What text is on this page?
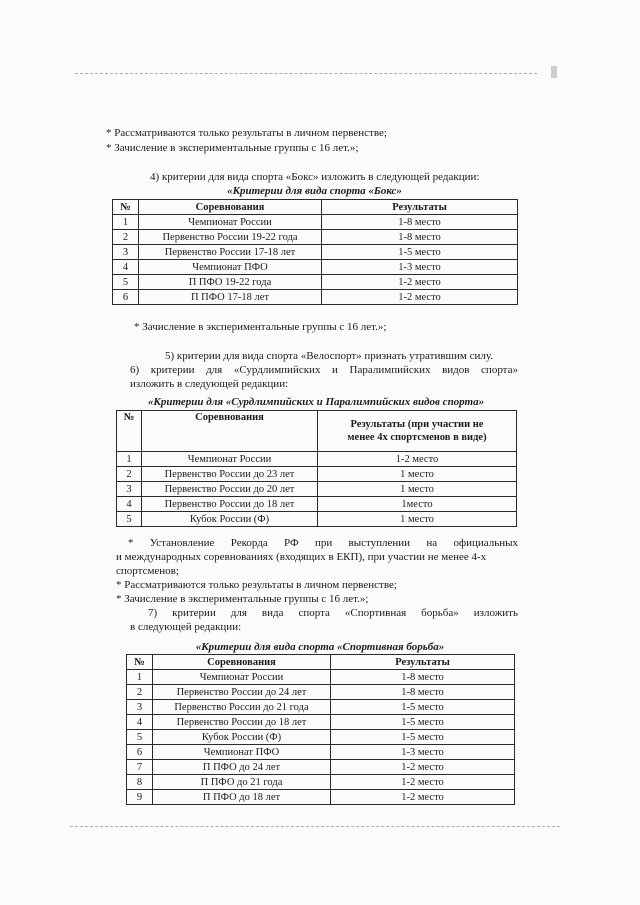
* Рассматриваются только результаты в личном первенстве;
* Зачисление в экспериментальные группы с 16 лет.»;
4) критерии для вида спорта «Бокс» изложить в следующей редакции:
«Критерии для вида спорта «Бокс»
№	Соревнования	Результаты
1	Чемпионат России	1-8 место
2	Первенство России 19-22 года	1-8 место
3	Первенство России 17-18 лет	1-5 место
4	Чемпионат ПФО	1-3 место
5	П ПФО 19-22 года	1-2 место
6	П ПФО 17-18 лет	1-2 место
* Зачисление в экспериментальные группы с 16 лет.»;
5) критерии для вида спорта «Велоспорт» признать утратившим силу.
6) критерии для «Сурдлимпийских и Паралимпийских видов спорта»
изложить в следующей редакции:
«Критерии для «Сурдлимпийских и Паралимпийских видов спорта»
№	Соревнования	Результаты (при участии не менее 4х спортсменов в виде)
1	Чемпионат России	1-2 место
2	Первенство России до 23 лет	1 место
3	Первенство России до 20 лет	1 место
4	Первенство России до 18 лет	1место
5	Кубок России (Ф)	1 место
* Установление Рекорда РФ при выступлении на официальных
и международных соревнованиях (входящих в ЕКП), при участии не менее 4-х
спортсменов;
* Рассматриваются только результаты в личном первенстве;
* Зачисление в экспериментальные группы с 16 лет.»;
7) критерии для вида спорта «Спортивная борьба» изложить
в следующей редакции:
«Критерии для вида спорта «Спортивная борьба»
№	Соревнования	Результаты
1	Чемпионат России	1-8 место
2	Первенство России до 24 лет	1-8 место
3	Первенство России до 21 года	1-5 место
4	Первенство России до 18 лет	1-5 место
5	Кубок России (Ф)	1-5 место
6	Чемпионат ПФО	1-3 место
7	П ПФО до 24 лет	1-2 место
8	П ПФО до 21 года	1-2 место
9	П ПФО до 18 лет	1-2 место
